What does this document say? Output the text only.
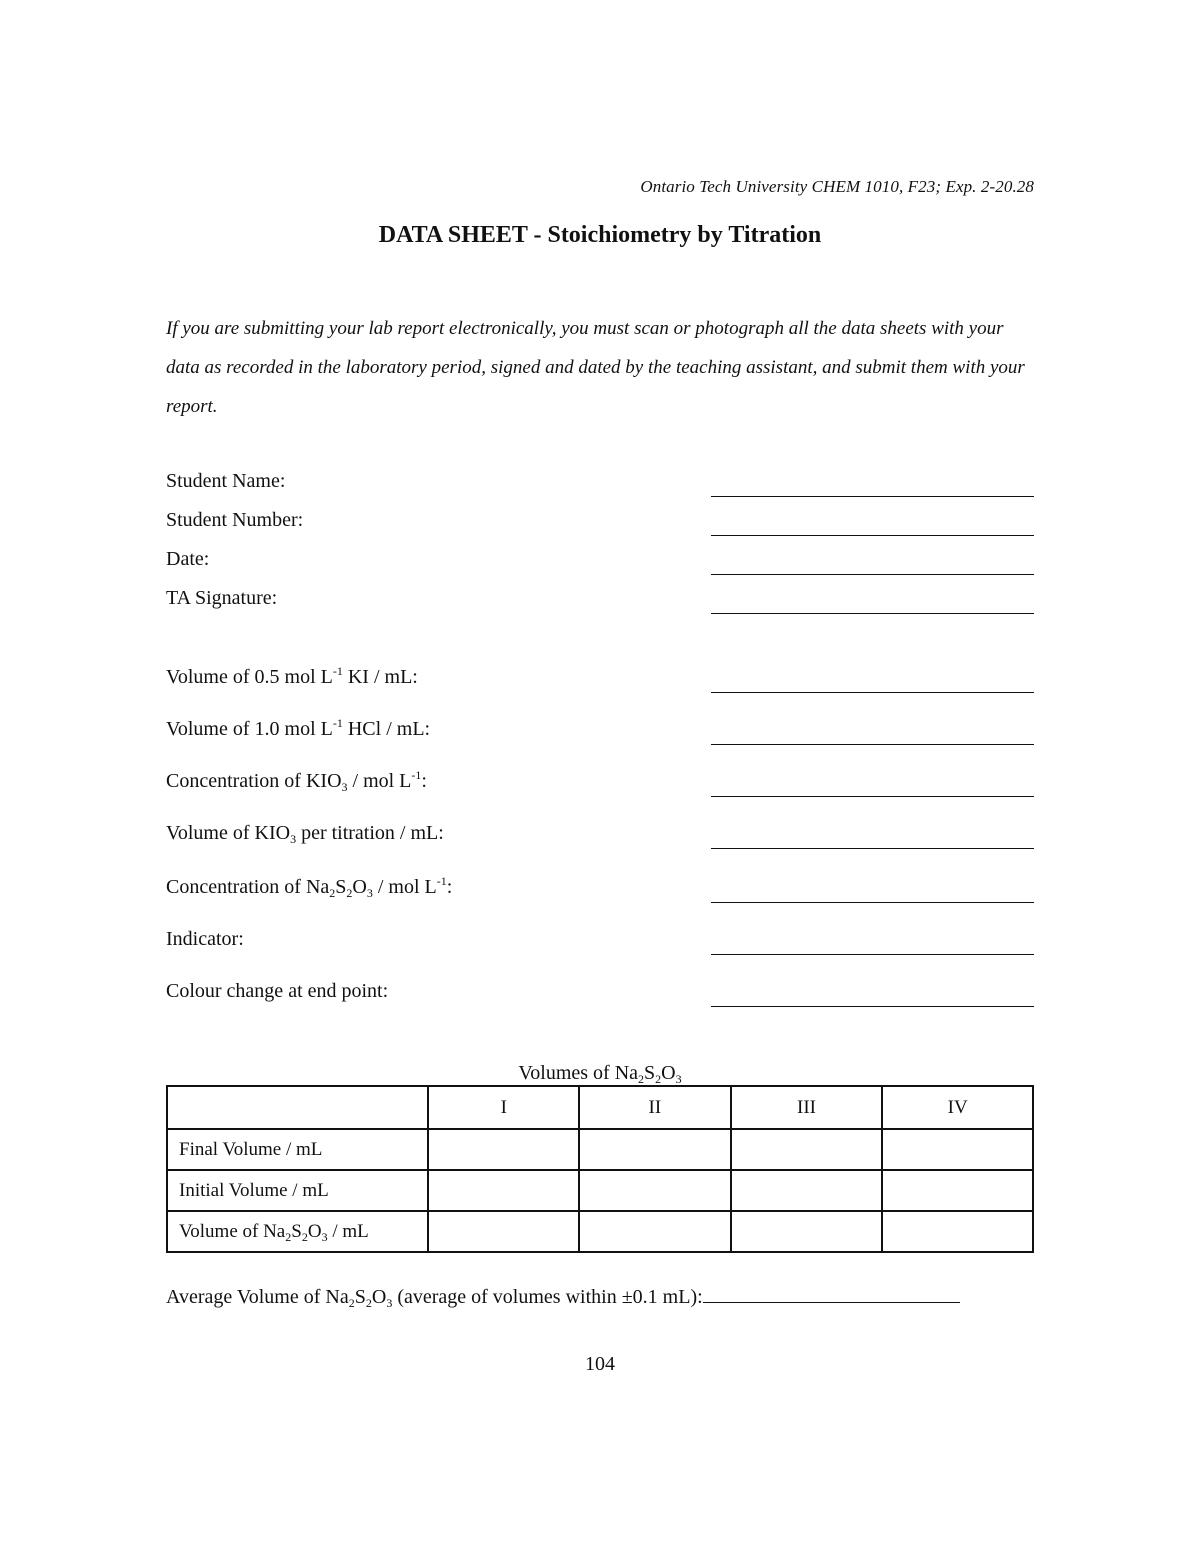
Ontario Tech University CHEM 1010, F23; Exp. 2-20.28
DATA SHEET - Stoichiometry by Titration

If you are submitting your lab report electronically, you must scan or photograph all the data sheets with your data as recorded in the laboratory period, signed and dated by the teaching assistant, and submit them with your report.

Student Name:
Student Number:
Date:
TA Signature:
Volume of 0.5 mol $L^{-1}$ KI / mL:
Volume of 1.0 mol $L^{-1}$ HCl / mL:
Concentration of $KIO_3$ / mol $L^{-1}$:
Volume of $KIO_3$ per titration / mL:
Concentration of $Na_2S_2O_3$ / mol $L^{-1}$:
Indicator:
Colour change at end point:
Volumes of $Na_2S_2O_3$
	I	II	III	IV
Final Volume / mL				
Initial Volume / mL				
Volume of $Na_2S_2O_3$ / mL				
Average Volume of $Na_2S_2O_3$ (average of volumes within ±0.1 mL):
104
